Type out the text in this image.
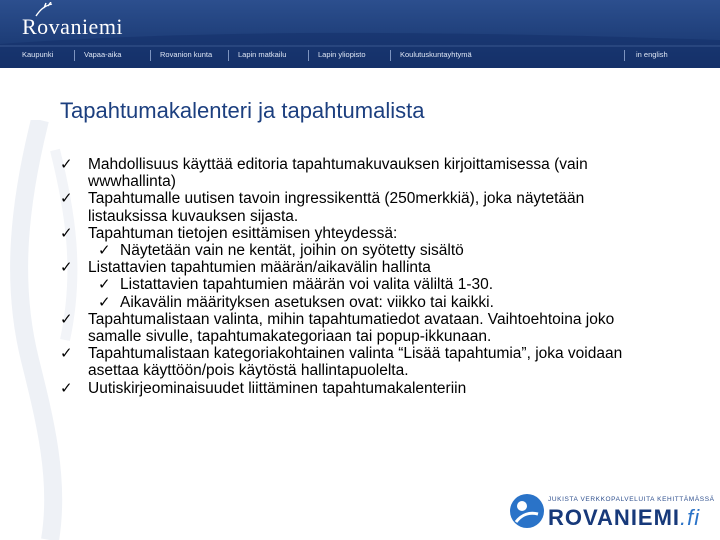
Rovaniemi
Kaupunki	Vapaa-aika	Rovanion kunta	Lapin matkailu	Lapin yliopisto	Koulutuskuntayhtymä	in english
Tapahtumakalenteri ja tapahtumalista
✓ Mahdollisuus käyttää editoria tapahtumakuvauksen kirjoittamisessa (vain wwwhallinta)
✓ Tapahtumalle uutisen tavoin ingressikenttä (250merkkiä), joka näytetään listauksissa kuvauksen sijasta.
✓ Tapahtuman tietojen esittämisen yhteydessä:
✓ Näytetään vain ne kentät, joihin on syötetty sisältö
✓ Listattavien tapahtumien määrän/aikavälin hallinta
✓ Listattavien tapahtumien määrän voi valita väliltä 1-30.
✓ Aikavälin määrityksen asetuksen ovat: viikko tai kaikki.
✓ Tapahtumalistaan valinta, mihin tapahtumatiedot avataan. Vaihtoehtoina joko samalle sivulle, tapahtumakategoriaan tai popup-ikkunaan.
✓ Tapahtumalistaan kategoriakohtainen valinta “Lisää tapahtumia”, joka voidaan asettaa käyttöön/pois käytöstä hallintapuolelta.
✓ Uutiskirjeominaisuudet liittäminen tapahtumakalenteriin
JUKISTA VERKKOPALVELUITA KEHITTÄMÄSSÄ
ROVANIEMI.fi
